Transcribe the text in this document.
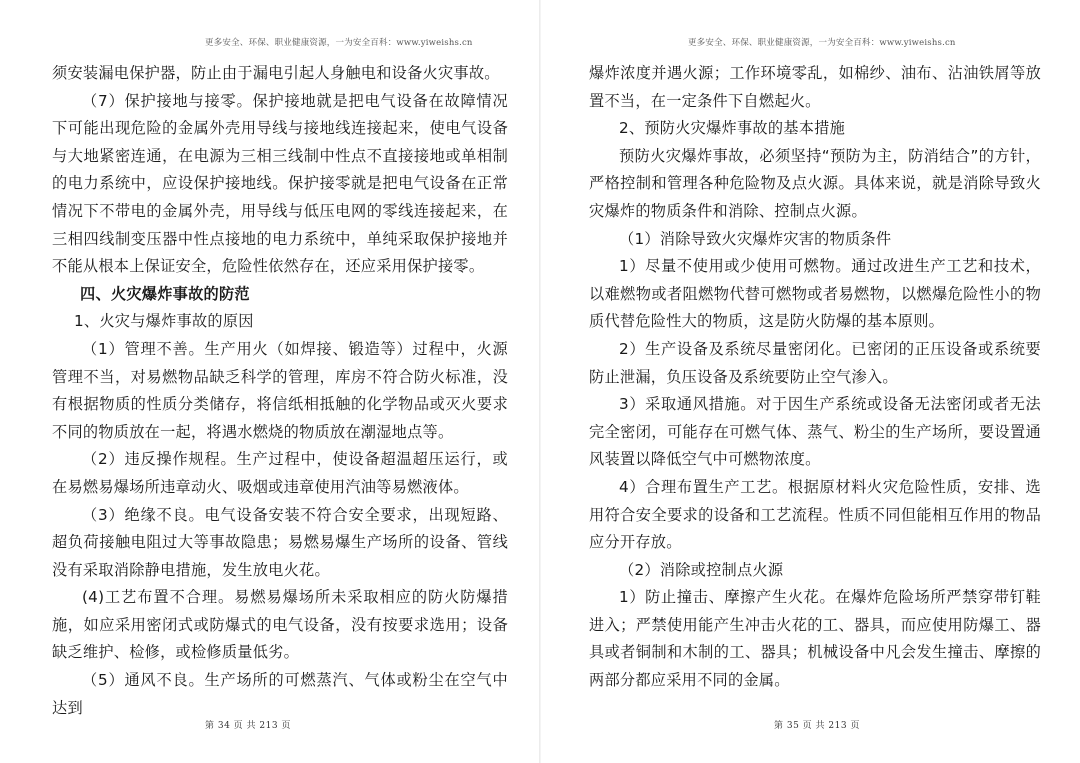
更多安全、环保、职业健康资源，一为安全百科：www.yiweishs.cn

须安装漏电保护器，防止由于漏电引起人身触电和设备火灾事故。

（7）保护接地与接零。保护接地就是把电气设备在故障情况下可能出现危险的金属外壳用导线与接地线连接起来，使电气设备与大地紧密连通，在电源为三相三线制中性点不直接接地或单相制的电力系统中，应设保护接地线。保护接零就是把电气设备在正常情况下不带电的金属外壳，用导线与低压电网的零线连接起来，在三相四线制变压器中性点接地的电力系统中，单纯采取保护接地并不能从根本上保证安全，危险性依然存在，还应采用保护接零。

四、火灾爆炸事故的防范

1、火灾与爆炸事故的原因

（1）管理不善。生产用火（如焊接、锻造等）过程中，火源管理不当，对易燃物品缺乏科学的管理，库房不符合防火标准，没有根据物质的性质分类储存，将信纸相抵触的化学物品或灭火要求不同的物质放在一起，将遇水燃烧的物质放在潮湿地点等。

（2）违反操作规程。生产过程中，使设备超温超压运行，或在易燃易爆场所违章动火、吸烟或违章使用汽油等易燃液体。

（3）绝缘不良。电气设备安装不符合安全要求，出现短路、超负荷接触电阻过大等事故隐患；易燃易爆生产场所的设备、管线没有采取消除静电措施，发生放电火花。

(4)工艺布置不合理。易燃易爆场所未采取相应的防火防爆措施，如应采用密闭式或防爆式的电气设备，没有按要求选用；设备缺乏维护、检修，或检修质量低劣。

（5）通风不良。生产场所的可燃蒸汽、气体或粉尘在空气中达到

第 34 页 共 213 页
更多安全、环保、职业健康资源，一为安全百科：www.yiweishs.cn

爆炸浓度并遇火源；工作环境零乱，如棉纱、油布、沾油铁屑等放置不当，在一定条件下自燃起火。

2、预防火灾爆炸事故的基本措施

预防火灾爆炸事故，必须坚持“预防为主，防消结合”的方针，严格控制和管理各种危险物及点火源。具体来说，就是消除导致火灾爆炸的物质条件和消除、控制点火源。

（1）消除导致火灾爆炸灾害的物质条件

1）尽量不使用或少使用可燃物。通过改进生产工艺和技术，以难燃物或者阻燃物代替可燃物或者易燃物，以燃爆危险性小的物质代替危险性大的物质，这是防火防爆的基本原则。

2）生产设备及系统尽量密闭化。已密闭的正压设备或系统要防止泄漏，负压设备及系统要防止空气渗入。

3）采取通风措施。对于因生产系统或设备无法密闭或者无法完全密闭，可能存在可燃气体、蒸气、粉尘的生产场所，要设置通风装置以降低空气中可燃物浓度。

4）合理布置生产工艺。根据原材料火灾危险性质，安排、选用符合安全要求的设备和工艺流程。性质不同但能相互作用的物品应分开存放。

（2）消除或控制点火源

1）防止撞击、摩擦产生火花。在爆炸危险场所严禁穿带钉鞋进入；严禁使用能产生冲击火花的工、器具，而应使用防爆工、器具或者铜制和木制的工、器具；机械设备中凡会发生撞击、摩擦的两部分都应采用不同的金属。

第 35 页 共 213 页
